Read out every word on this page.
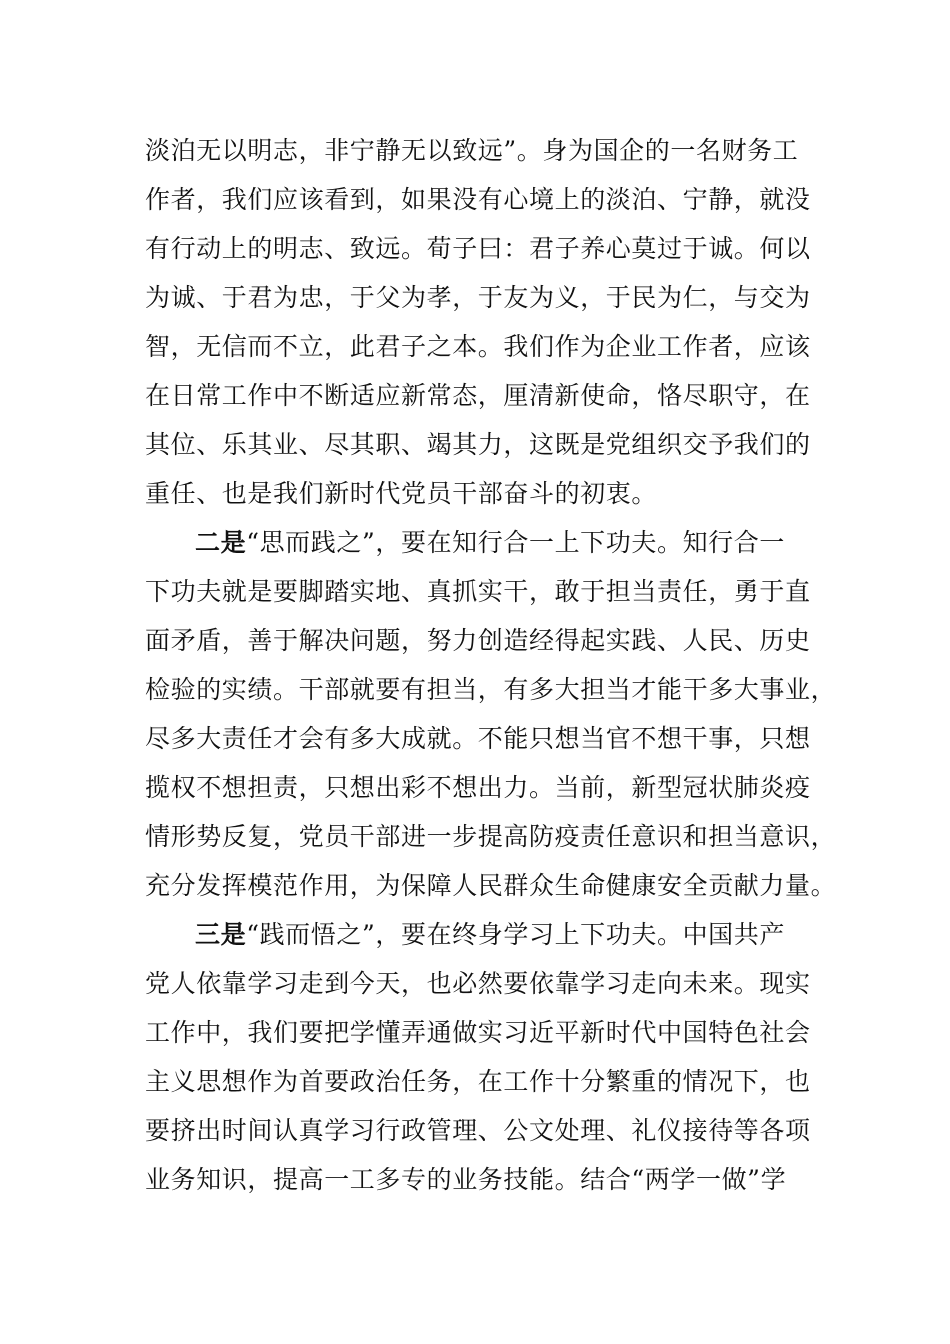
淡泊无以明志，非宁静无以致远”。身为国企的一名财务工
作者，我们应该看到，如果没有心境上的淡泊、宁静，就没
有行动上的明志、致远。荀子曰：君子养心莫过于诚。何以
为诚、于君为忠，于父为孝，于友为义，于民为仁，与交为
智，无信而不立，此君子之本。我们作为企业工作者，应该
在日常工作中不断适应新常态，厘清新使命，恪尽职守，在
其位、乐其业、尽其职、竭其力，这既是党组织交予我们的
重任、也是我们新时代党员干部奋斗的初衷。
二是“思而践之”，要在知行合一上下功夫。知行合一
下功夫就是要脚踏实地、真抓实干，敢于担当责任，勇于直
面矛盾，善于解决问题，努力创造经得起实践、人民、历史
检验的实绩。干部就要有担当，有多大担当才能干多大事业，
尽多大责任才会有多大成就。不能只想当官不想干事，只想
揽权不想担责，只想出彩不想出力。当前，新型冠状肺炎疫
情形势反复，党员干部进一步提高防疫责任意识和担当意识，
充分发挥模范作用，为保障人民群众生命健康安全贡献力量。
三是“践而悟之”，要在终身学习上下功夫。中国共产
党人依靠学习走到今天，也必然要依靠学习走向未来。现实
工作中，我们要把学懂弄通做实习近平新时代中国特色社会
主义思想作为首要政治任务，在工作十分繁重的情况下，也
要挤出时间认真学习行政管理、公文处理、礼仪接待等各项
业务知识，提高一工多专的业务技能。结合“两学一做”学
